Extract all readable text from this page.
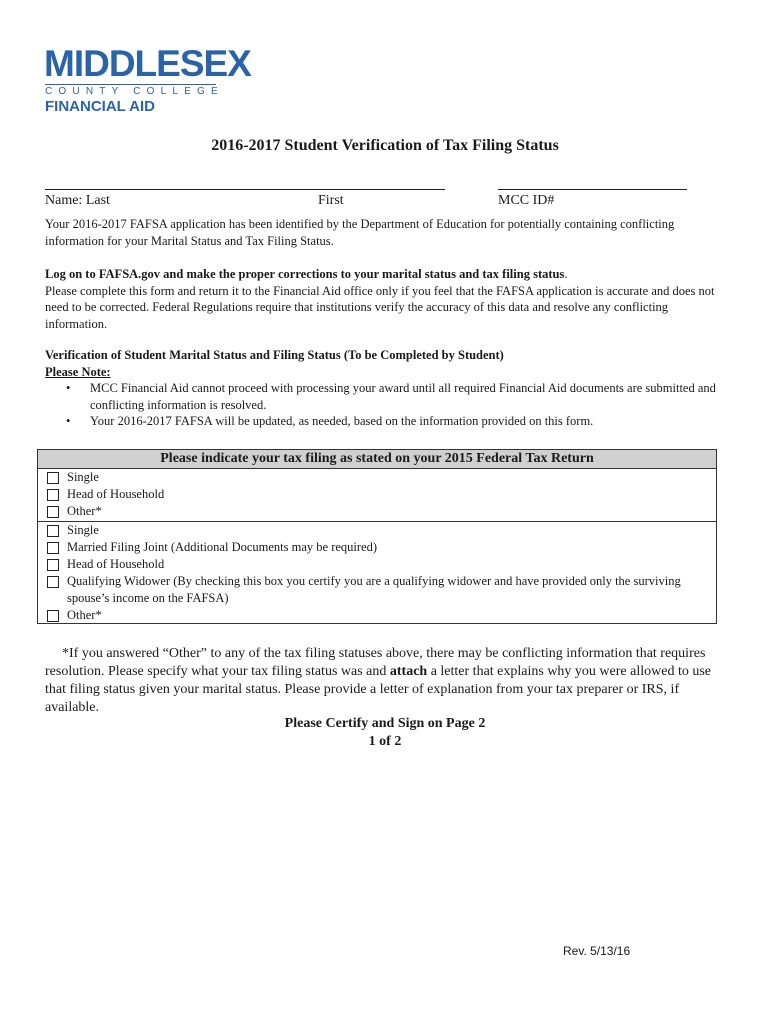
MIDDLESEX
COUNTY COLLEGE
FINANCIAL AID
2016-2017 Student Verification of Tax Filing Status
Name: Last	First	MCC ID#
Your 2016-2017 FAFSA application has been identified by the Department of Education for potentially containing conflicting information for your Marital Status and Tax Filing Status.
Log on to FAFSA.gov and make the proper corrections to your marital status and tax filing status.
Please complete this form and return it to the Financial Aid office only if you feel that the FAFSA application is accurate and does not need to be corrected. Federal Regulations require that institutions verify the accuracy of this data and resolve any conflicting information.
Verification of Student Marital Status and Filing Status (To be Completed by Student)
Please Note:
• MCC Financial Aid cannot proceed with processing your award until all required Financial Aid documents are submitted and conflicting information is resolved.
• Your 2016-2017 FAFSA will be updated, as needed, based on the information provided on this form.
Please indicate your tax filing as stated on your 2015 Federal Tax Return
Single
Head of Household
Other*
Single
Married Filing Joint (Additional Documents may be required)
Head of Household
Qualifying Widower (By checking this box you certify you are a qualifying widower and have provided only the surviving spouse’s income on the FAFSA)
Other*
*If you answered “Other” to any of the tax filing statuses above, there may be conflicting information that requires resolution. Please specify what your tax filing status was and attach a letter that explains why you were allowed to use that filing status given your marital status. Please provide a letter of explanation from your tax preparer or IRS, if available.
Please Certify and Sign on Page 2
1 of 2
Rev. 5/13/16
